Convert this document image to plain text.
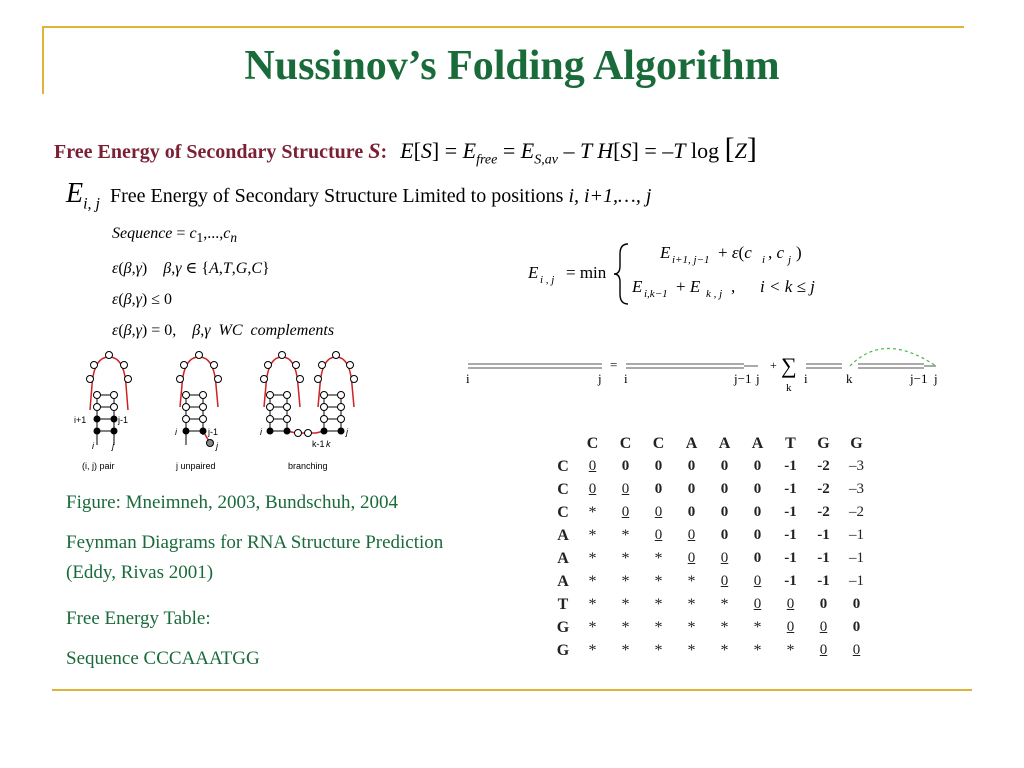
Nussinov’s Folding Algorithm
Free Energy of Secondary Structure S: $E[S] = E_{free} = E_{S,av} - T$ H[S] = –T log [Z]
$E_{i, j}$ Free Energy of Secondary Structure Limited to positions i, i+1,…, j
Sequence = $c_1,...,c_n$
ε(β,γ)    β,γ ∈ {A,T,G,C}
ε(β,γ) ≤ 0
ε(β,γ) = 0,    β,γ  WC  complements
E i , j = min
E i+1, j−1 + ε(c i , c j )
E i,k−1 + E k , j , i < k ≤ j
i+1	j-1
i j
(i, j) pair
i	j-1
j
j unpaired
i
k-1 k
j
branching
=	+ ∑
k
i	j i	j−1 j	i	k	j−1 j

Figure: Mneimneh, 2003, Bundschuh, 2004

Feynman Diagrams for RNA Structure Prediction (Eddy, Rivas 2001)

Free Energy Table:

Sequence CCCAAATGG

	C	C	C	A	A	A	T	G	G
C	0	0	0	0	0	0	-1	-2	–3
C	0	0	0	0	0	0	-1	-2	–3
C	*	0	0	0	0	0	-1	-2	–2
A	*	*	0	0	0	0	-1	-1	–1
A	*	*	*	0	0	0	-1	-1	–1
A	*	*	*	*	0	0	-1	-1	–1
T	*	*	*	*	*	0	0	0	0
G	*	*	*	*	*	*	0	0	0
G	*	*	*	*	*	*	*	0	0
